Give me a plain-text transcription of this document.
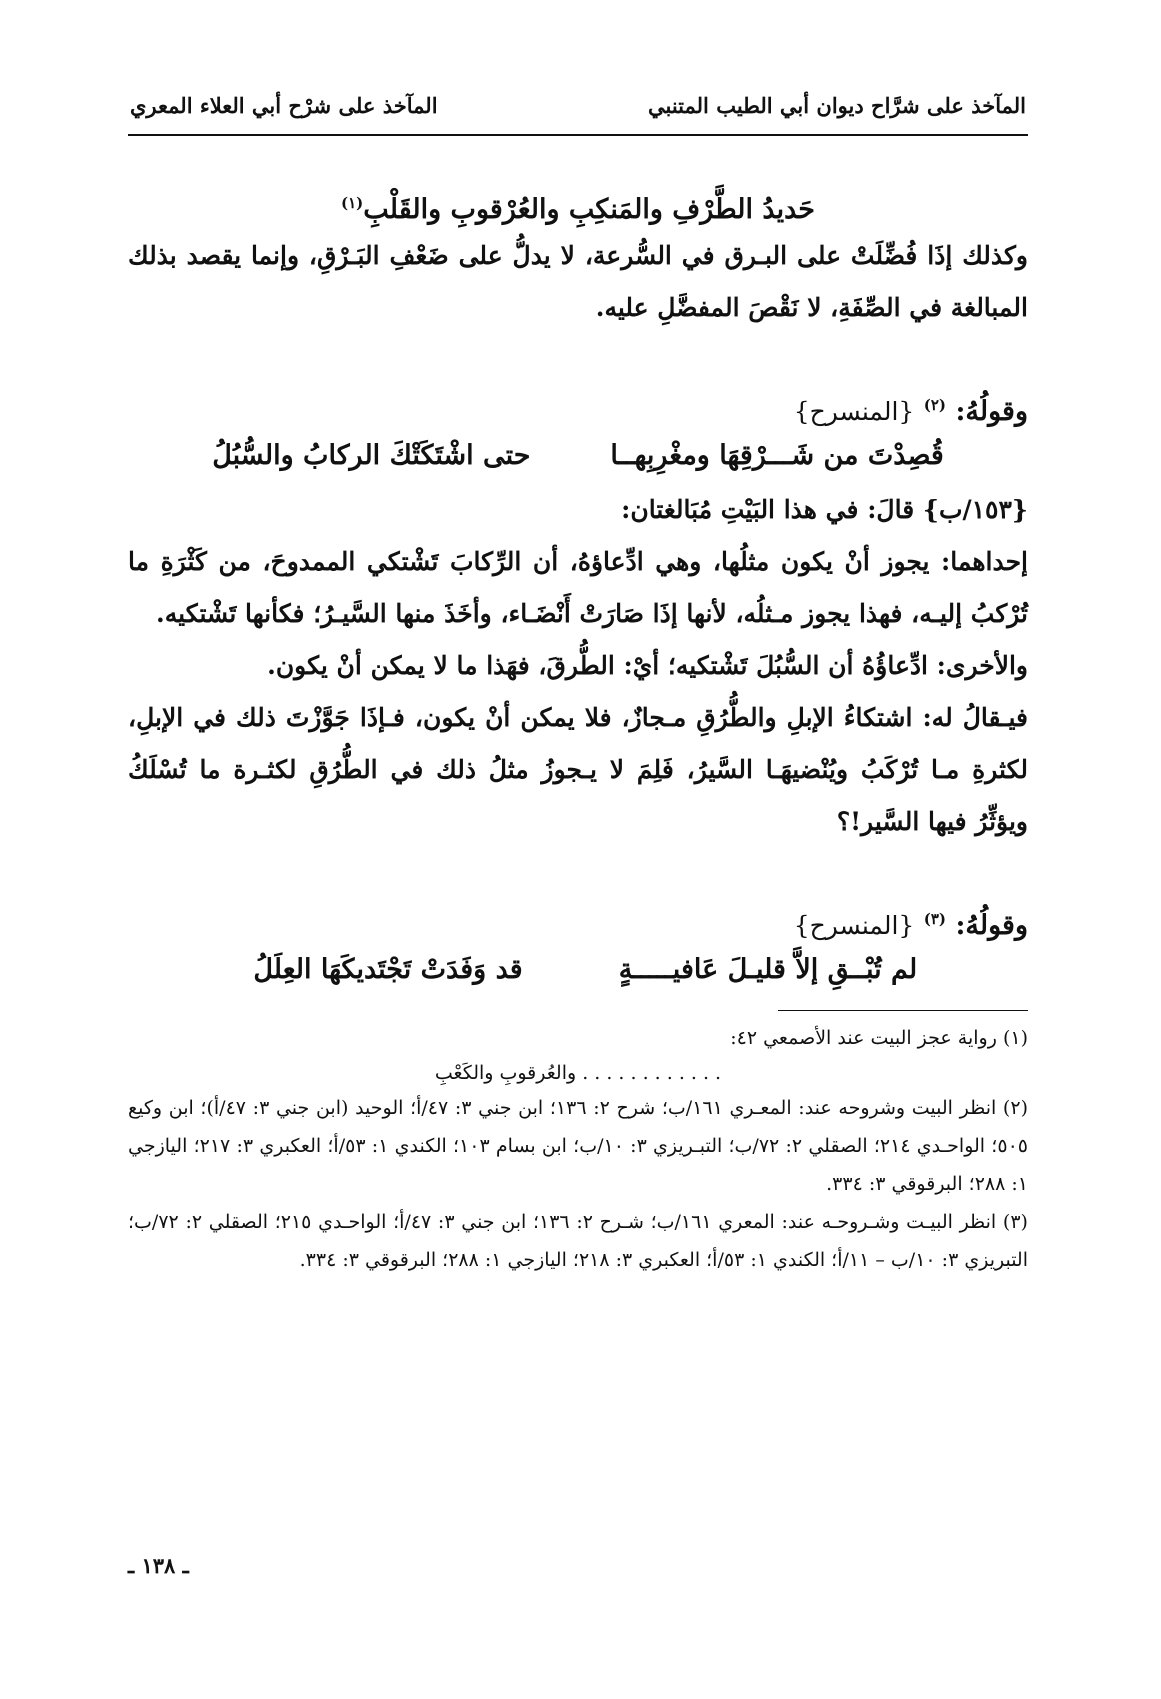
المآخذ على شرَّاح ديوان أبي الطيب المتنبي
المآخذ على شرْح أبي العلاء المعري
حَديدُ الطَّرْفِ والمَنكِبِ والعُرْقوبِ والقَلْبِ$^{(١)}$

وكذلك إذَا فُضِّلَتْ على البـرق في السُّرعة، لا يدلُّ على ضَعْفِ البَـرْقِ، وإنما يقصد بذلك المبالغة في الصِّفَةِ، لا نَقْصَ المفضَّلِ عليه.

وقولُهُ: $^{(٢)}$ {المنسرح}
قُصِدْتَ من شَـــرْقِهَا ومغْرِبِهــا
حتى اشْتَكَتْكَ الركابُ والسُّبُلُ

{١٥٣/ب} قالَ: في هذا البَيْتِ مُبَالغتان:

إحداهما: يجوز أنْ يكون مثلُها، وهي ادِّعاؤهُ، أن الرِّكابَ تَشْتكي الممدوحَ، من كَثْرَةِ ما تُرْكبُ إليـه، فهذا يجوز مـثلُه، لأنها إذَا صَارَتْ أَنْضَـاء، وأخَذَ منها السَّيـرُ؛ فكأنها تَشْتكيه.

والأخرى: ادِّعاؤُهُ أن السُّبُلَ تَشْتكيه؛ أيْ: الطُّرقَ، فهَذا ما لا يمكن أنْ يكون.

فيـقالُ له: اشتكاءُ الإبلِ والطُّرُقِ مـجازٌ، فلا يمكن أنْ يكون، فـإذَا جَوَّزْتَ ذلك في الإبلِ، لكثرةِ مـا تُرْكَبُ ويُنْضيهَـا السَّيرُ، فَلِمَ لا يـجوزُ مثلُ ذلك في الطُّرُقِ لكثـرة ما تُسْلَكُ ويؤثِّرُ فيها السَّير!؟

وقولُهُ: $^{(٣)}$ {المنسرح}
لم تُبْــقِ إلاَّ قليـلَ عَافيـــــةٍ
قد وَفَدَتْ تَجْتَديكَهَا العِلَلُ

(١) رواية عجز البيت عند الأصمعي ٤٢:

. . . . . . . . . . . . والعُرقوبِ والكَعْبِ

(٢) انظر البيت وشروحه عند: المعـري ١٦١/ب؛ شرح ٢: ١٣٦؛ ابن جني ٣: ٤٧/أ؛ الوحيد (ابن جني ٣: ٤٧/أ)؛ ابن وكيع ٥٠٥؛ الواحـدي ٢١٤؛ الصقلي ٢: ٧٢/ب؛ التبـريزي ٣: ١٠/ب؛ ابن بسام ١٠٣؛ الكندي ١: ٥٣/أ؛ العكبري ٣: ٢١٧؛ اليازجي ١: ٢٨٨؛ البرقوقي ٣: ٣٣٤.

(٣) انظر البيـت وشـروحـه عند: المعري ١٦١/ب؛ شـرح ٢: ١٣٦؛ ابن جني ٣: ٤٧/أ؛ الواحـدي ٢١٥؛ الصقلي ٢: ٧٢/ب؛ التبريزي ٣: ١٠/ب – ١١/أ؛ الكندي ١: ٥٣/أ؛ العكبري ٣: ٢١٨؛ اليازجي ١: ٢٨٨؛ البرقوقي ٣: ٣٣٤.

ـ ١٣٨ ـ
